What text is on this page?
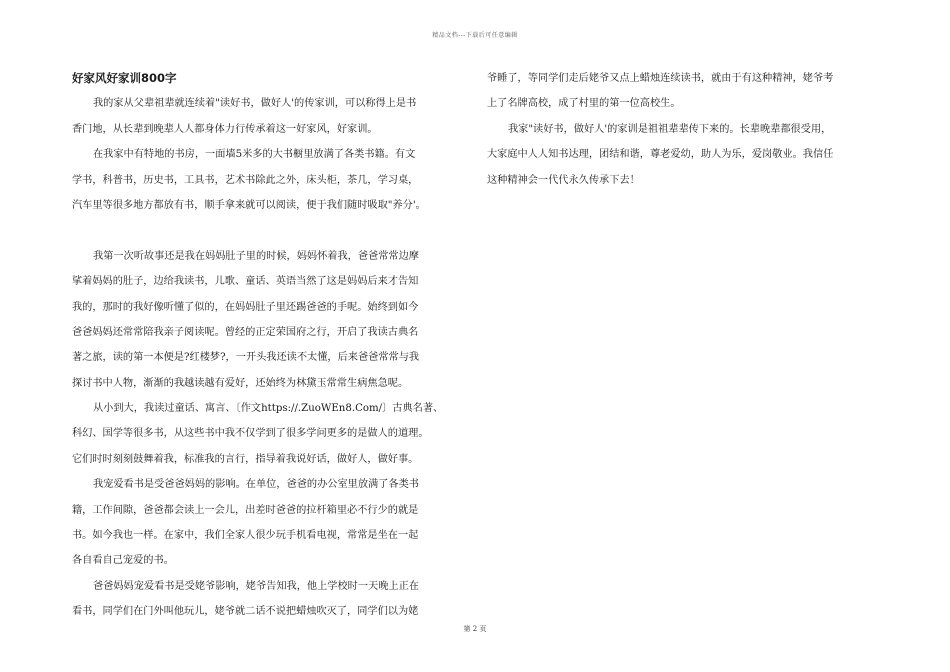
精品文档---下载后可任意编辑
好家风好家训800字
我的家从父辈祖辈就连续着"读好书，做好人'的传家训，可以称得上是书
香门地，从长辈到晚辈人人都身体力行传承着这一好家风，好家训。
在我家中有特地的书房，一面墙5米多的大书橱里放满了各类书籍。有文
学书，科普书，历史书，工具书，艺术书除此之外，床头柜，茶几，学习桌，
汽车里等很多地方都放有书，顺手拿来就可以阅读，便于我们随时吸取"养分'。
我第一次听故事还是我在妈妈肚子里的时候，妈妈怀着我，爸爸常常边摩
挲着妈妈的肚子，边给我读书，儿歌、童话、英语当然了这是妈妈后来才告知
我的，那时的我好像听懂了似的，在妈妈肚子里还踢爸爸的手呢。始终到如今
爸爸妈妈还常常陪我亲子阅读呢。曾经的正定荣国府之行，开启了我读古典名
著之旅，读的第一本便是?红楼梦?，一开头我还读不太懂，后来爸爸常常与我
探讨书中人物，渐渐的我越读越有爱好，还始终为林黛玉常常生病焦急呢。
从小到大，我读过童话、寓言、〔作文https://.ZuoWEn8.Com/〕古典名著、
科幻、国学等很多书，从这些书中我不仅学到了很多学问更多的是做人的道理。
它们时时刻刻鼓舞着我，标准我的言行，指导着我说好话，做好人，做好事。
我宠爱看书是受爸爸妈妈的影响。在单位，爸爸的办公室里放满了各类书
籍，工作间隙，爸爸都会读上一会儿，出差时爸爸的拉杆箱里必不行少的就是
书。如今我也一样。在家中，我们全家人很少玩手机看电视，常常是坐在一起
各自看自己宠爱的书。
爸爸妈妈宠爱看书是受姥爷影响，姥爷告知我，他上学校时一天晚上正在
看书，同学们在门外叫他玩儿，姥爷就二话不说把蜡烛吹灭了，同学们以为姥
爷睡了，等同学们走后姥爷又点上蜡烛连续读书，就由于有这种精神，姥爷考
上了名牌高校，成了村里的第一位高校生。
我家"读好书，做好人'的家训是祖祖辈辈传下来的。长辈晚辈都很受用，
大家庭中人人知书达理，团结和谐，尊老爱幼，助人为乐，爱岗敬业。我信任
这种精神会一代代永久传承下去！
第 2 页
